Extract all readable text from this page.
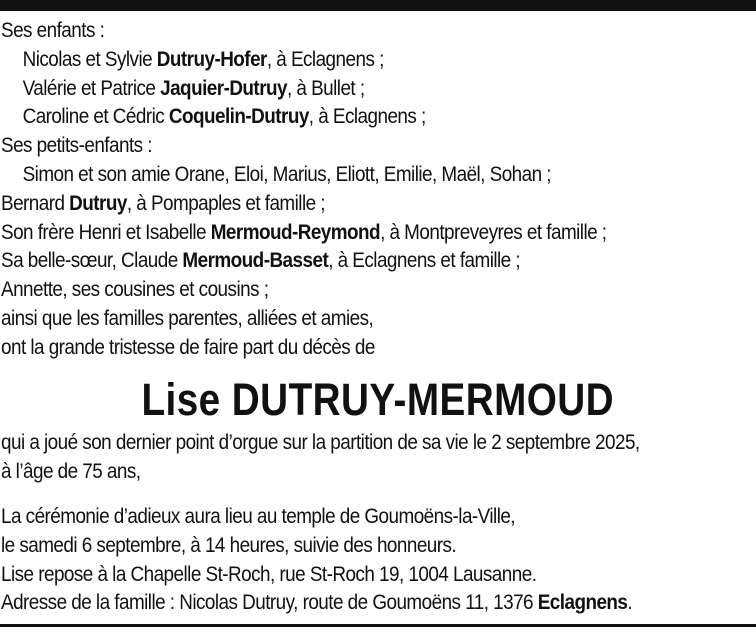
Ses enfants :
Nicolas et Sylvie Dutruy-Hofer, à Eclagnens ;
Valérie et Patrice Jaquier-Dutruy, à Bullet ;
Caroline et Cédric Coquelin-Dutruy, à Eclagnens ;
Ses petits-enfants :
Simon et son amie Orane, Eloi, Marius, Eliott, Emilie, Maël, Sohan ;
Bernard Dutruy, à Pompaples et famille ;
Son frère Henri et Isabelle Mermoud-Reymond, à Montpreveyres et famille ;
Sa belle-sœur, Claude Mermoud-Basset, à Eclagnens et famille ;
Annette, ses cousines et cousins ;
ainsi que les familles parentes, alliées et amies,
ont la grande tristesse de faire part du décès de
Lise DUTRUY-MERMOUD
qui a joué son dernier point d’orgue sur la partition de sa vie le 2 septembre 2025,
à l’âge de 75 ans,
La cérémonie d’adieux aura lieu au temple de Goumoëns-la-Ville,
le samedi 6 septembre, à 14 heures, suivie des honneurs.
Lise repose à la Chapelle St-Roch, rue St-Roch 19, 1004 Lausanne.
Adresse de la famille : Nicolas Dutruy, route de Goumoëns 11, 1376 Eclagnens.
